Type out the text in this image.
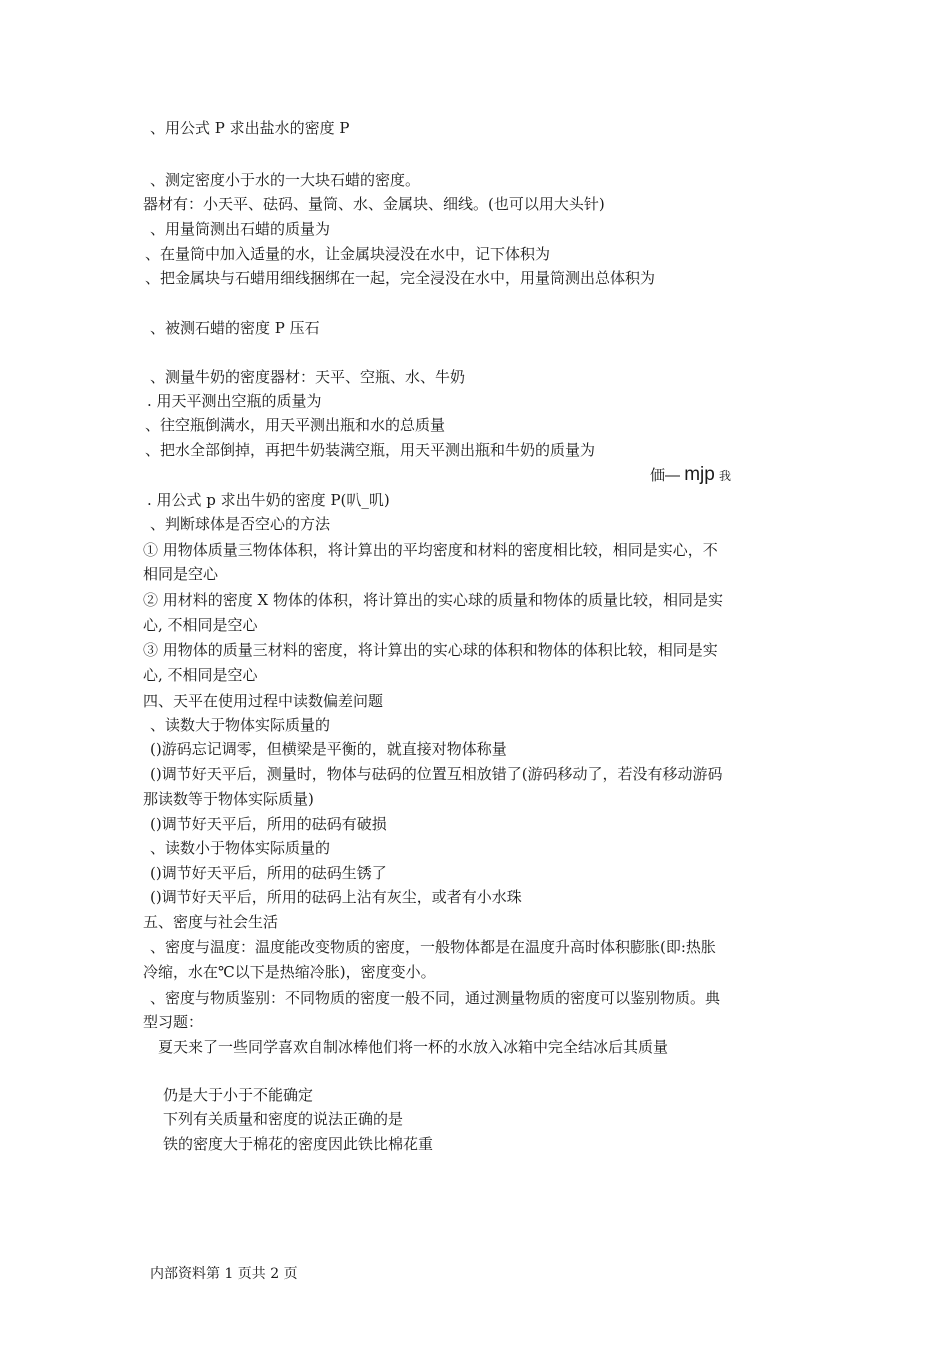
、用公式 P 求出盐水的密度 P
、测定密度小于水的一大块石蜡的密度。
器材有：小天平、砝码、量筒、水、金属块、细线。(也可以用大头针)
、用量筒测出石蜡的质量为
、在量筒中加入适量的水，让金属块浸没在水中，记下体积为
、把金属块与石蜡用细线捆绑在一起，完全浸没在水中，用量筒测出总体积为
、被测石蜡的密度 P 压石
、测量牛奶的密度器材：天平、空瓶、水、牛奶
. 用天平测出空瓶的质量为
、往空瓶倒满水，用天平测出瓶和水的总质量
、把水全部倒掉，再把牛奶装满空瓶，用天平测出瓶和牛奶的质量为
価— mjp 我
. 用公式 p 求出牛奶的密度 P(叭_叽)
、判断球体是否空心的方法
① 用物体质量三物体体积，将计算出的平均密度和材料的密度相比较，相同是实心，不
相同是空心
② 用材料的密度 X 物体的体积，将计算出的实心球的质量和物体的质量比较，相同是实
心, 不相同是空心
③ 用物体的质量三材料的密度，将计算出的实心球的体积和物体的体积比较，相同是实
心, 不相同是空心
四、天平在使用过程中读数偏差问题
、读数大于物体实际质量的
()游码忘记调零，但横梁是平衡的，就直接对物体称量
()调节好天平后，测量时，物体与砝码的位置互相放错了(游码移动了，若没有移动游码
那读数等于物体实际质量)
()调节好天平后，所用的砝码有破损
、读数小于物体实际质量的
()调节好天平后，所用的砝码生锈了
()调节好天平后，所用的砝码上沾有灰尘，或者有小水珠
五、密度与社会生活
、密度与温度：温度能改变物质的密度，一般物体都是在温度升高时体积膨胀(即:热胀
冷缩，水在℃以下是热缩冷胀)，密度变小。
、密度与物质鉴别：不同物质的密度一般不同，通过测量物质的密度可以鉴别物质。典
型习题：
夏天来了一些同学喜欢自制冰棒他们将一杯的水放入冰箱中完全结冰后其质量
仍是大于小于不能确定
下列有关质量和密度的说法正确的是
铁的密度大于棉花的密度因此铁比棉花重
内部资料第 1 页共 2 页
